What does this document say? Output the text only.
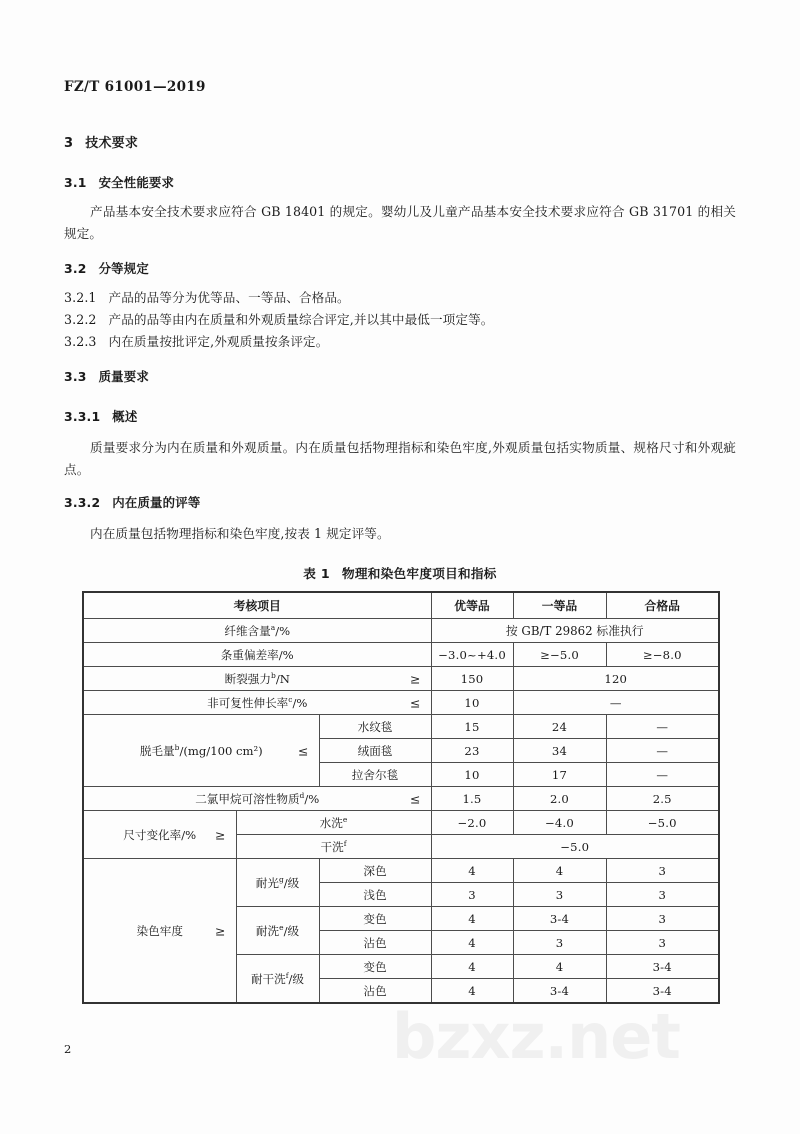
bzxz.net
FZ/T 61001—2019
3 技术要求
3.1 安全性能要求

产品基本安全技术要求应符合 GB 18401 的规定。婴幼儿及儿童产品基本安全技术要求应符合 GB 31701 的相关规定。

3.2 分等规定

3.2.1 产品的品等分为优等品、一等品、合格品。

3.2.2 产品的品等由内在质量和外观质量综合评定,并以其中最低一项定等。

3.2.3 内在质量按批评定,外观质量按条评定。

3.3 质量要求
3.3.1 概述

质量要求分为内在质量和外观质量。内在质量包括物理指标和染色牢度,外观质量包括实物质量、规格尺寸和外观疵点。

3.3.2 内在质量的评等

内在质量包括物理指标和染色牢度,按表 1 规定评等。

表 1 物理和染色牢度项目和指标

考核项目			优等品	一等品	合格品
纤维含量$^a$/%			按 GB/T 29862 标准执行		
条重偏差率/%			−3.0~+4.0	≥−5.0	≥−8.0
断裂强力$^b$/N ≥			150	120	
非可复性伸长率$^c$/% ≤			10	—	
脱毛量$^b$/(mg/100 cm²) ≤		水纹毯	15	24	—
		绒面毯	23	34	—
		拉舍尔毯	10	17	—
二氯甲烷可溶性物质$^d$/% ≤			1.5	2.0	2.5
尺寸变化率/% ≥	水洗$^e$		−2.0	−4.0	−5.0
	干洗$^f$		−5.0		
染色牢度 ≥	耐光$^g$/级	深色	4	4	3
		浅色	3	3	3
	耐洗$^e$/级	变色	4	3-4	3
		沾色	4	3	3
	耐干洗$^f$/级	变色	4	4	3-4
		沾色	4	3-4	3-4
2
